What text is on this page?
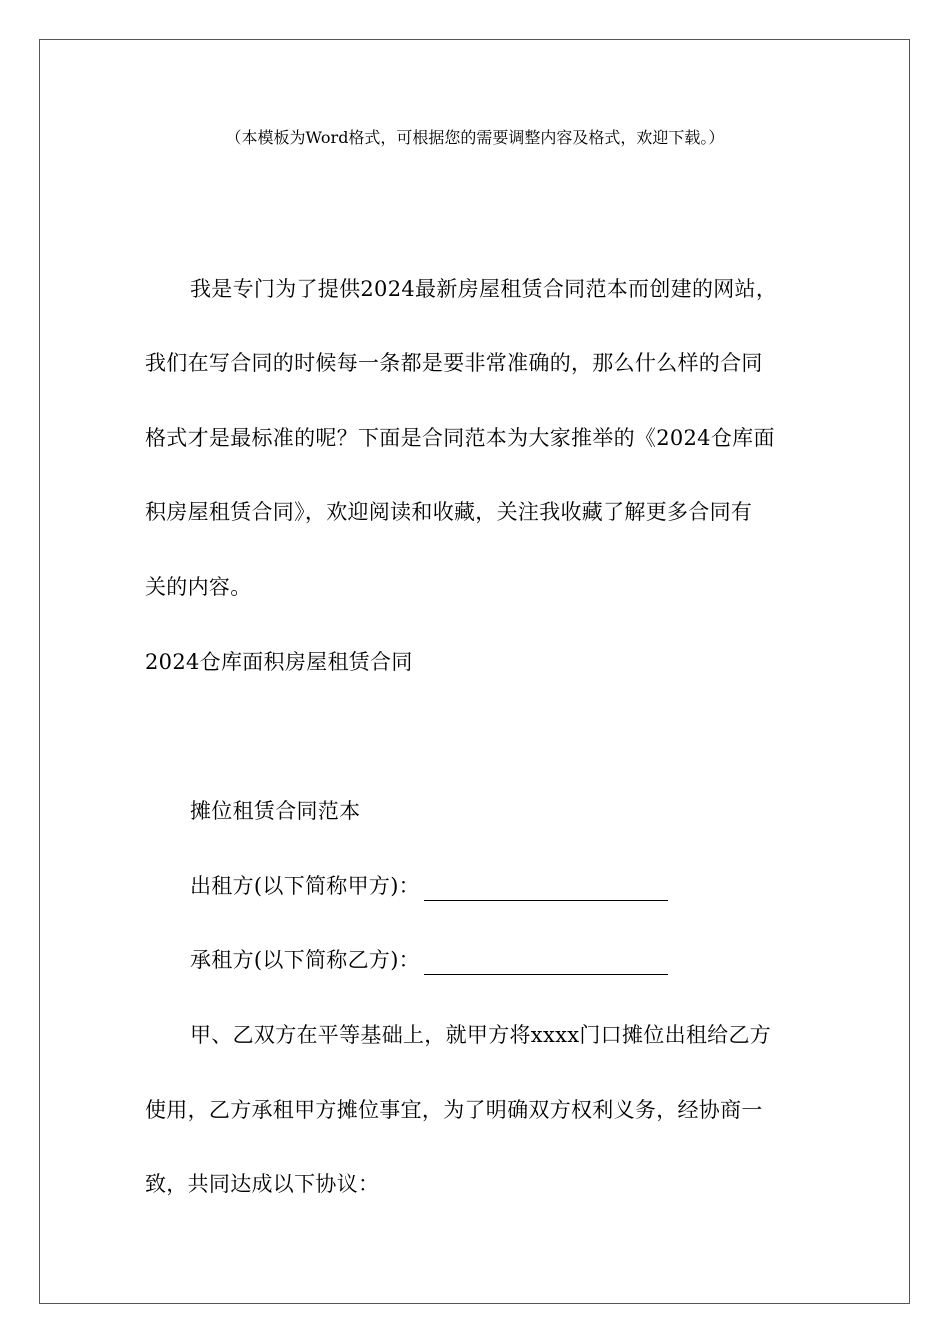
（本模板为Word格式，可根据您的需要调整内容及格式，欢迎下载。）
我是专门为了提供2024最新房屋租赁合同范本而创建的网站，
我们在写合同的时候每一条都是要非常准确的，那么什么样的合同
格式才是最标准的呢？下面是合同范本为大家推举的《2024仓库面
积房屋租赁合同》，欢迎阅读和收藏，关注我收藏了解更多合同有
关的内容。
2024仓库面积房屋租赁合同
摊位租赁合同范本
出租方(以下简称甲方)：
承租方(以下简称乙方)：
甲、乙双方在平等基础上，就甲方将xxxx门口摊位出租给乙方
使用，乙方承租甲方摊位事宜，为了明确双方权利义务，经协商一
致，共同达成以下协议：
